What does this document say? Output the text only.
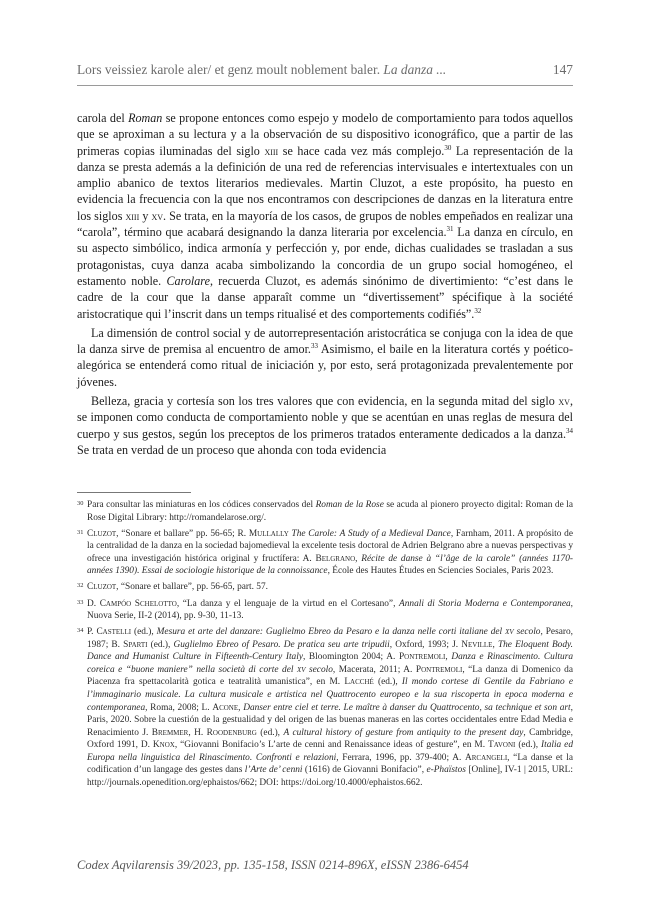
Lors veissiez karole aler/ et genz moult noblement baler. La danza ...	147

carola del Roman se propone entonces como espejo y modelo de comportamiento para todos aquellos que se aproximan a su lectura y a la observación de su dispositivo iconográfico, que a partir de las primeras copias iluminadas del siglo xiii se hace cada vez más complejo.$^{30}$ La representación de la danza se presta además a la definición de una red de referencias intervisuales e intertextuales con un amplio abanico de textos literarios medievales. Martin Cluzot, a este propósito, ha puesto en evidencia la frecuencia con la que nos encontramos con descripciones de danzas en la literatura entre los siglos xiii y xv. Se trata, en la mayoría de los casos, de grupos de nobles empeñados en realizar una “carola”, término que acabará designando la danza literaria por excelencia.$^{31}$ La danza en círculo, en su aspecto simbólico, indica armonía y perfección y, por ende, dichas cualidades se trasladan a sus protagonistas, cuya danza acaba simbolizando la concordia de un grupo social homogéneo, el estamento noble. Carolare, recuerda Cluzot, es además sinónimo de divertimiento: “c’est dans le cadre de la cour que la danse apparaît comme un “divertissement” spécifique à la société aristocratique qui l’inscrit dans un temps ritualisé et des comportements codifiés”.$^{32}$

La dimensión de control social y de autorrepresentación aristocrática se conjuga con la idea de que la danza sirve de premisa al encuentro de amor.$^{33}$ Asimismo, el baile en la literatura cortés y poético-alegórica se entenderá como ritual de iniciación y, por esto, será protagonizada prevalentemente por jóvenes.

Belleza, gracia y cortesía son los tres valores que con evidencia, en la segunda mitad del siglo xv, se imponen como conducta de comportamiento noble y que se acentúan en unas reglas de mesura del cuerpo y sus gestos, según los preceptos de los primeros tratados enteramente dedicados a la danza.$^{34}$ Se trata en verdad de un proceso que ahonda con toda evidencia

30 Para consultar las miniaturas en los códices conservados del Roman de la Rose se acuda al pionero proyecto digital: Roman de la Rose Digital Library: http://romandelarose.org/.
31 Cluzot, “Sonare et ballare” pp. 56-65; R. Mullally The Carole: A Study of a Medieval Dance, Farnham, 2011. A propósito de la centralidad de la danza en la sociedad bajomedieval la excelente tesis doctoral de Adrien Belgrano abre a nuevas perspectivas y ofrece una investigación histórica original y fructífera: A. Belgrano, Récite de danse à “l’âge de la carole” (années 1170-années 1390). Essai de sociologie historique de la connoissance, École des Hautes Études en Sciencies Sociales, Paris 2023.
32 Cluzot, “Sonare et ballare”, pp. 56-65, part. 57.
33 D. Campóo Schelotto, “La danza y el lenguaje de la virtud en el Cortesano”, Annali di Storia Moderna e Contemporanea, Nuova Serie, II-2 (2014), pp. 9-30, 11-13.
34 P. Castelli (ed.), Mesura et arte del danzare: Guglielmo Ebreo da Pesaro e la danza nelle corti italiane del xv secolo, Pesaro, 1987; B. Sparti (ed.), Guglielmo Ebreo of Pesaro. De pratica seu arte tripudii, Oxford, 1993; J. Neville, The Eloquent Body. Dance and Humanist Culture in Fifteenth-Century Italy, Bloomington 2004; A. Pontremoli, Danza e Rinascimento. Cultura coreica e “buone maniere” nella società di corte del xv secolo, Macerata, 2011; A. Pontremoli, “La danza di Domenico da Piacenza fra spettacolarità gotica e teatralità umanistica”, en M. Lacché (ed.), Il mondo cortese di Gentile da Fabriano e l’immaginario musicale. La cultura musicale e artistica nel Quattrocento europeo e la sua riscoperta in epoca moderna e contemporanea, Roma, 2008; L. Acone, Danser entre ciel et terre. Le maître à danser du Quattrocento, sa technique et son art, Paris, 2020. Sobre la cuestión de la gestualidad y del origen de las buenas maneras en las cortes occidentales entre Edad Media e Renacimiento J. Bremmer, H. Roodenburg (ed.), A cultural history of gesture from antiquity to the present day, Cambridge, Oxford 1991, D. Knox, “Giovanni Bonifacio’s L’arte de cenni and Renaissance ideas of gesture”, en M. Tavoni (ed.), Italia ed Europa nella linguistica del Rinascimento. Confronti e relazioni, Ferrara, 1996, pp. 379-400; A. Arcangeli, “La danse et la codification d’un langage des gestes dans l’Arte de’ cenni (1616) de Giovanni Bonifacio”, e-Phaïstos [Online], IV-1 | 2015, URL: http://journals.openedition.org/ephaistos/662; DOI: https://doi.org/10.4000/ephaistos.662.
Codex Aqvilarensis 39/2023, pp. 135-158, ISSN 0214-896X, eISSN 2386-6454
